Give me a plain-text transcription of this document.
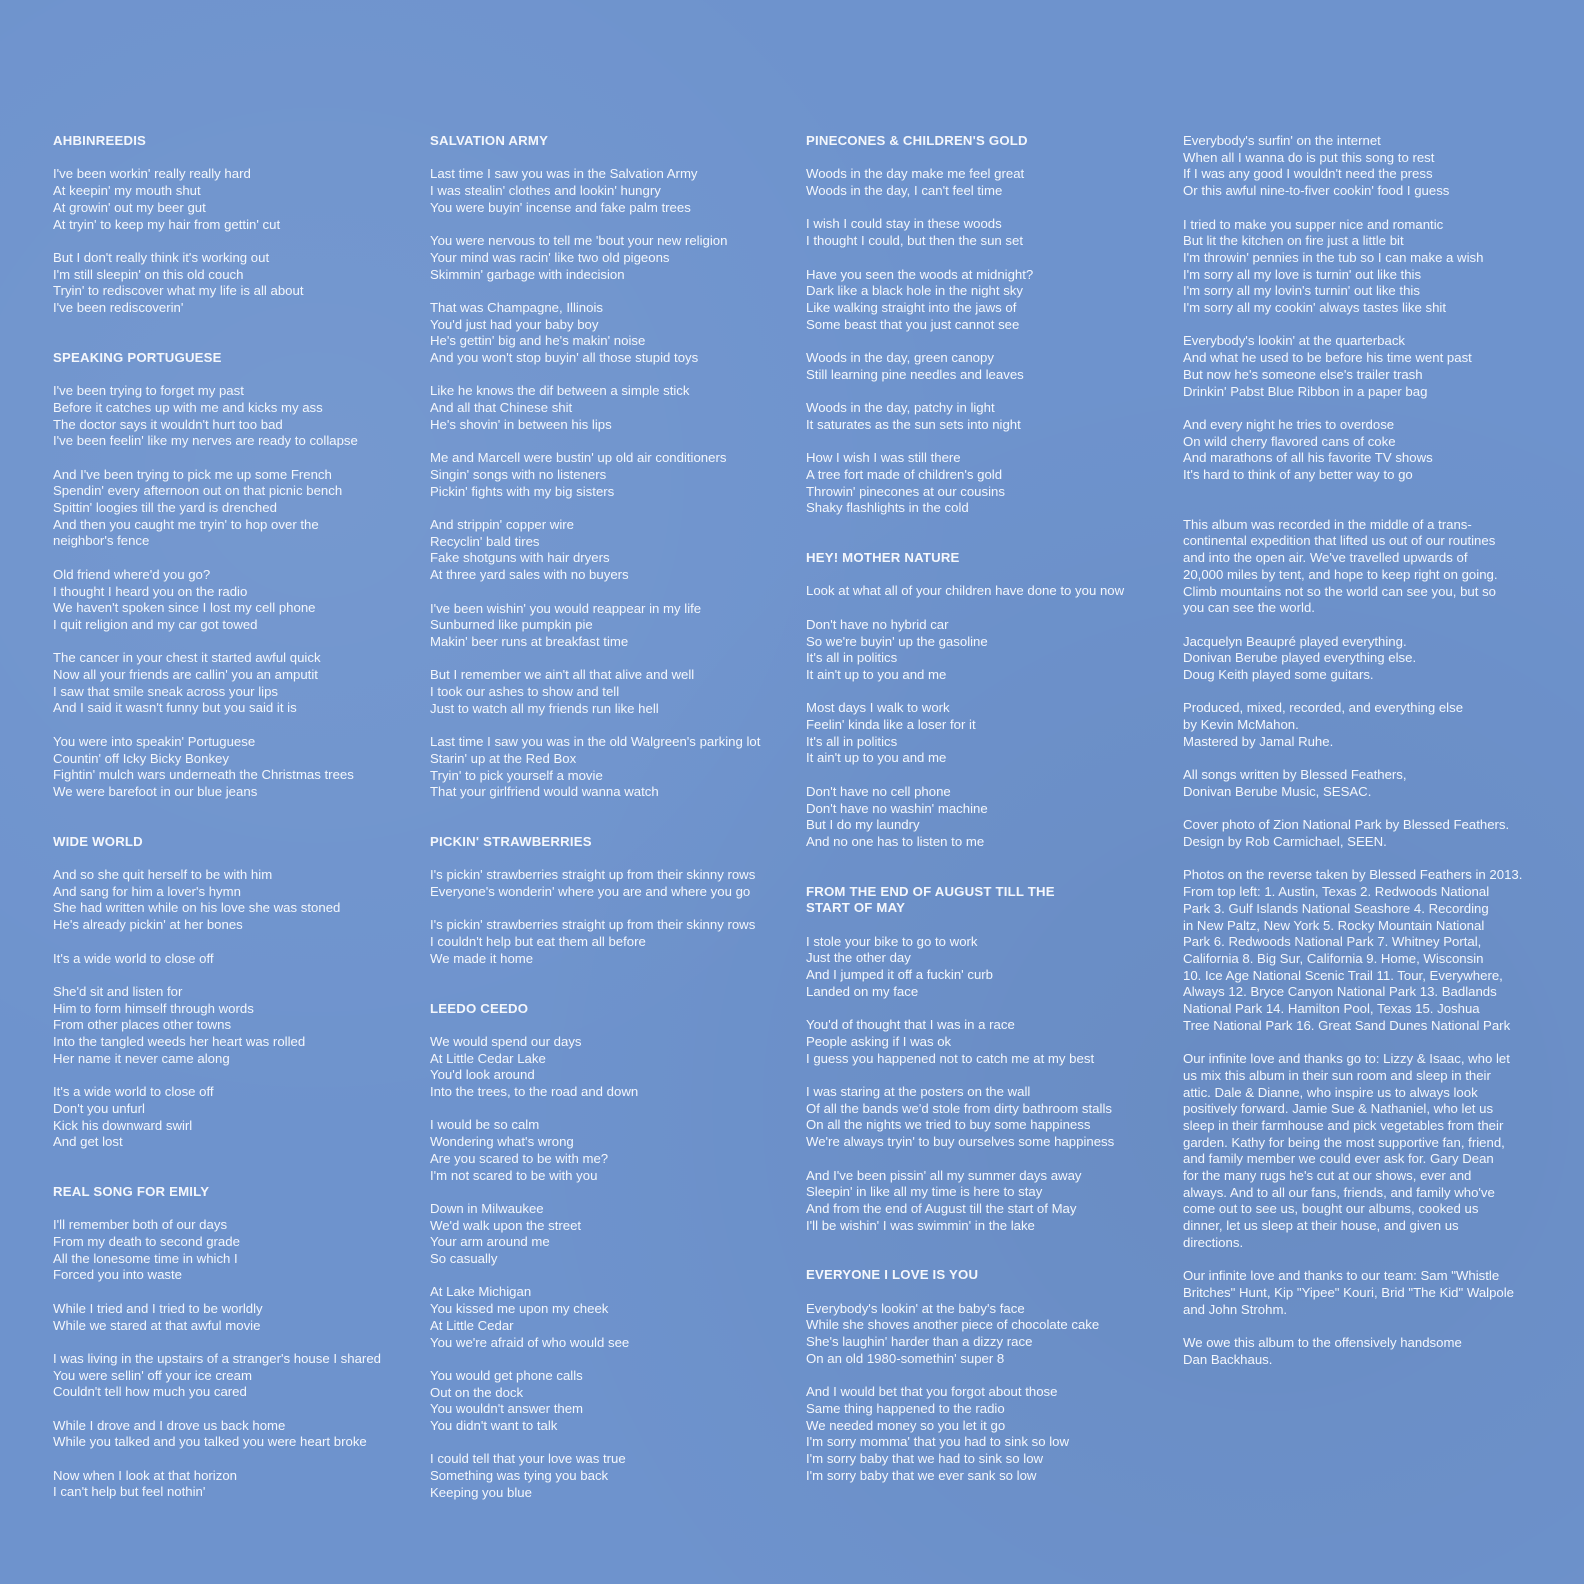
AHBINREEDIS
I've been workin' really really hard
At keepin' my mouth shut
At growin' out my beer gut
At tryin' to keep my hair from gettin' cut
But I don't really think it's working out
I'm still sleepin' on this old couch
Tryin' to rediscover what my life is all about
I've been rediscoverin'
SPEAKING PORTUGUESE
I've been trying to forget my past
Before it catches up with me and kicks my ass
The doctor says it wouldn't hurt too bad
I've been feelin' like my nerves are ready to collapse
And I've been trying to pick me up some French
Spendin' every afternoon out on that picnic bench
Spittin' loogies till the yard is drenched
And then you caught me tryin' to hop over the
neighbor's fence
Old friend where'd you go?
I thought I heard you on the radio
We haven't spoken since I lost my cell phone
I quit religion and my car got towed
The cancer in your chest it started awful quick
Now all your friends are callin' you an amputit
I saw that smile sneak across your lips
And I said it wasn't funny but you said it is
You were into speakin' Portuguese
Countin' off Icky Bicky Bonkey
Fightin' mulch wars underneath the Christmas trees
We were barefoot in our blue jeans
WIDE WORLD
And so she quit herself to be with him
And sang for him a lover's hymn
She had written while on his love she was stoned
He's already pickin' at her bones
It's a wide world to close off
She'd sit and listen for
Him to form himself through words
From other places other towns
Into the tangled weeds her heart was rolled
Her name it never came along
It's a wide world to close off
Don't you unfurl
Kick his downward swirl
And get lost
REAL SONG FOR EMILY
I'll remember both of our days
From my death to second grade
All the lonesome time in which I
Forced you into waste
While I tried and I tried to be worldly
While we stared at that awful movie
I was living in the upstairs of a stranger's house I shared
You were sellin' off your ice cream
Couldn't tell how much you cared
While I drove and I drove us back home
While you talked and you talked you were heart broke
Now when I look at that horizon
I can't help but feel nothin'
SALVATION ARMY
Last time I saw you was in the Salvation Army
I was stealin' clothes and lookin' hungry
You were buyin' incense and fake palm trees
You were nervous to tell me 'bout your new religion
Your mind was racin' like two old pigeons
Skimmin' garbage with indecision
That was Champagne, Illinois
You'd just had your baby boy
He's gettin' big and he's makin' noise
And you won't stop buyin' all those stupid toys
Like he knows the dif between a simple stick
And all that Chinese shit
He's shovin' in between his lips
Me and Marcell were bustin' up old air conditioners
Singin' songs with no listeners
Pickin' fights with my big sisters
And strippin' copper wire
Recyclin' bald tires
Fake shotguns with hair dryers
At three yard sales with no buyers
I've been wishin' you would reappear in my life
Sunburned like pumpkin pie
Makin' beer runs at breakfast time
But I remember we ain't all that alive and well
I took our ashes to show and tell
Just to watch all my friends run like hell
Last time I saw you was in the old Walgreen's parking lot
Starin' up at the Red Box
Tryin' to pick yourself a movie
That your girlfriend would wanna watch
PICKIN' STRAWBERRIES
I's pickin' strawberries straight up from their skinny rows
Everyone's wonderin' where you are and where you go
I's pickin' strawberries straight up from their skinny rows
I couldn't help but eat them all before
We made it home
LEEDO CEEDO
We would spend our days
At Little Cedar Lake
You'd look around
Into the trees, to the road and down
I would be so calm
Wondering what's wrong
Are you scared to be with me?
I'm not scared to be with you
Down in Milwaukee
We'd walk upon the street
Your arm around me
So casually
At Lake Michigan
You kissed me upon my cheek
At Little Cedar
You we're afraid of who would see
You would get phone calls
Out on the dock
You wouldn't answer them
You didn't want to talk
I could tell that your love was true
Something was tying you back
Keeping you blue
PINECONES & CHILDREN'S GOLD
Woods in the day make me feel great
Woods in the day, I can't feel time
I wish I could stay in these woods
I thought I could, but then the sun set
Have you seen the woods at midnight?
Dark like a black hole in the night sky
Like walking straight into the jaws of
Some beast that you just cannot see
Woods in the day, green canopy
Still learning pine needles and leaves
Woods in the day, patchy in light
It saturates as the sun sets into night
How I wish I was still there
A tree fort made of children's gold
Throwin' pinecones at our cousins
Shaky flashlights in the cold
HEY! MOTHER NATURE
Look at what all of your children have done to you now
Don't have no hybrid car
So we're buyin' up the gasoline
It's all in politics
It ain't up to you and me
Most days I walk to work
Feelin' kinda like a loser for it
It's all in politics
It ain't up to you and me
Don't have no cell phone
Don't have no washin' machine
But I do my laundry
And no one has to listen to me
FROM THE END OF AUGUST TILL THE
START OF MAY
I stole your bike to go to work
Just the other day
And I jumped it off a fuckin' curb
Landed on my face
You'd of thought that I was in a race
People asking if I was ok
I guess you happened not to catch me at my best
I was staring at the posters on the wall
Of all the bands we'd stole from dirty bathroom stalls
On all the nights we tried to buy some happiness
We're always tryin' to buy ourselves some happiness
And I've been pissin' all my summer days away
Sleepin' in like all my time is here to stay
And from the end of August till the start of May
I'll be wishin' I was swimmin' in the lake
EVERYONE I LOVE IS YOU
Everybody's lookin' at the baby's face
While she shoves another piece of chocolate cake
She's laughin' harder than a dizzy race
On an old 1980-somethin' super 8
And I would bet that you forgot about those
Same thing happened to the radio
We needed money so you let it go
I'm sorry momma' that you had to sink so low
I'm sorry baby that we had to sink so low
I'm sorry baby that we ever sank so low
Everybody's surfin' on the internet
When all I wanna do is put this song to rest
If I was any good I wouldn't need the press
Or this awful nine-to-fiver cookin' food I guess
I tried to make you supper nice and romantic
But lit the kitchen on fire just a little bit
I'm throwin' pennies in the tub so I can make a wish
I'm sorry all my love is turnin' out like this
I'm sorry all my lovin's turnin' out like this
I'm sorry all my cookin' always tastes like shit
Everybody's lookin' at the quarterback
And what he used to be before his time went past
But now he's someone else's trailer trash
Drinkin' Pabst Blue Ribbon in a paper bag
And every night he tries to overdose
On wild cherry flavored cans of coke
And marathons of all his favorite TV shows
It's hard to think of any better way to go
This album was recorded in the middle of a trans-
continental expedition that lifted us out of our routines
and into the open air. We've travelled upwards of
20,000 miles by tent, and hope to keep right on going.
Climb mountains not so the world can see you, but so
you can see the world.
Jacquelyn Beaupré played everything.
Donivan Berube played everything else.
Doug Keith played some guitars.
Produced, mixed, recorded, and everything else
by Kevin McMahon.
Mastered by Jamal Ruhe.
All songs written by Blessed Feathers,
Donivan Berube Music, SESAC.
Cover photo of Zion National Park by Blessed Feathers.
Design by Rob Carmichael, SEEN.
Photos on the reverse taken by Blessed Feathers in 2013.
From top left: 1. Austin, Texas 2. Redwoods National
Park 3. Gulf Islands National Seashore 4. Recording
in New Paltz, New York 5. Rocky Mountain National
Park 6. Redwoods National Park 7. Whitney Portal,
California 8. Big Sur, California 9. Home, Wisconsin
10. Ice Age National Scenic Trail 11. Tour, Everywhere,
Always 12. Bryce Canyon National Park 13. Badlands
National Park 14. Hamilton Pool, Texas 15. Joshua
Tree National Park 16. Great Sand Dunes National Park
Our infinite love and thanks go to: Lizzy & Isaac, who let
us mix this album in their sun room and sleep in their
attic. Dale & Dianne, who inspire us to always look
positively forward. Jamie Sue & Nathaniel, who let us
sleep in their farmhouse and pick vegetables from their
garden. Kathy for being the most supportive fan, friend,
and family member we could ever ask for. Gary Dean
for the many rugs he's cut at our shows, ever and
always. And to all our fans, friends, and family who've
come out to see us, bought our albums, cooked us
dinner, let us sleep at their house, and given us
directions.
Our infinite love and thanks to our team: Sam "Whistle
Britches" Hunt, Kip "Yipee" Kouri, Brid "The Kid" Walpole
and John Strohm.
We owe this album to the offensively handsome
Dan Backhaus.
